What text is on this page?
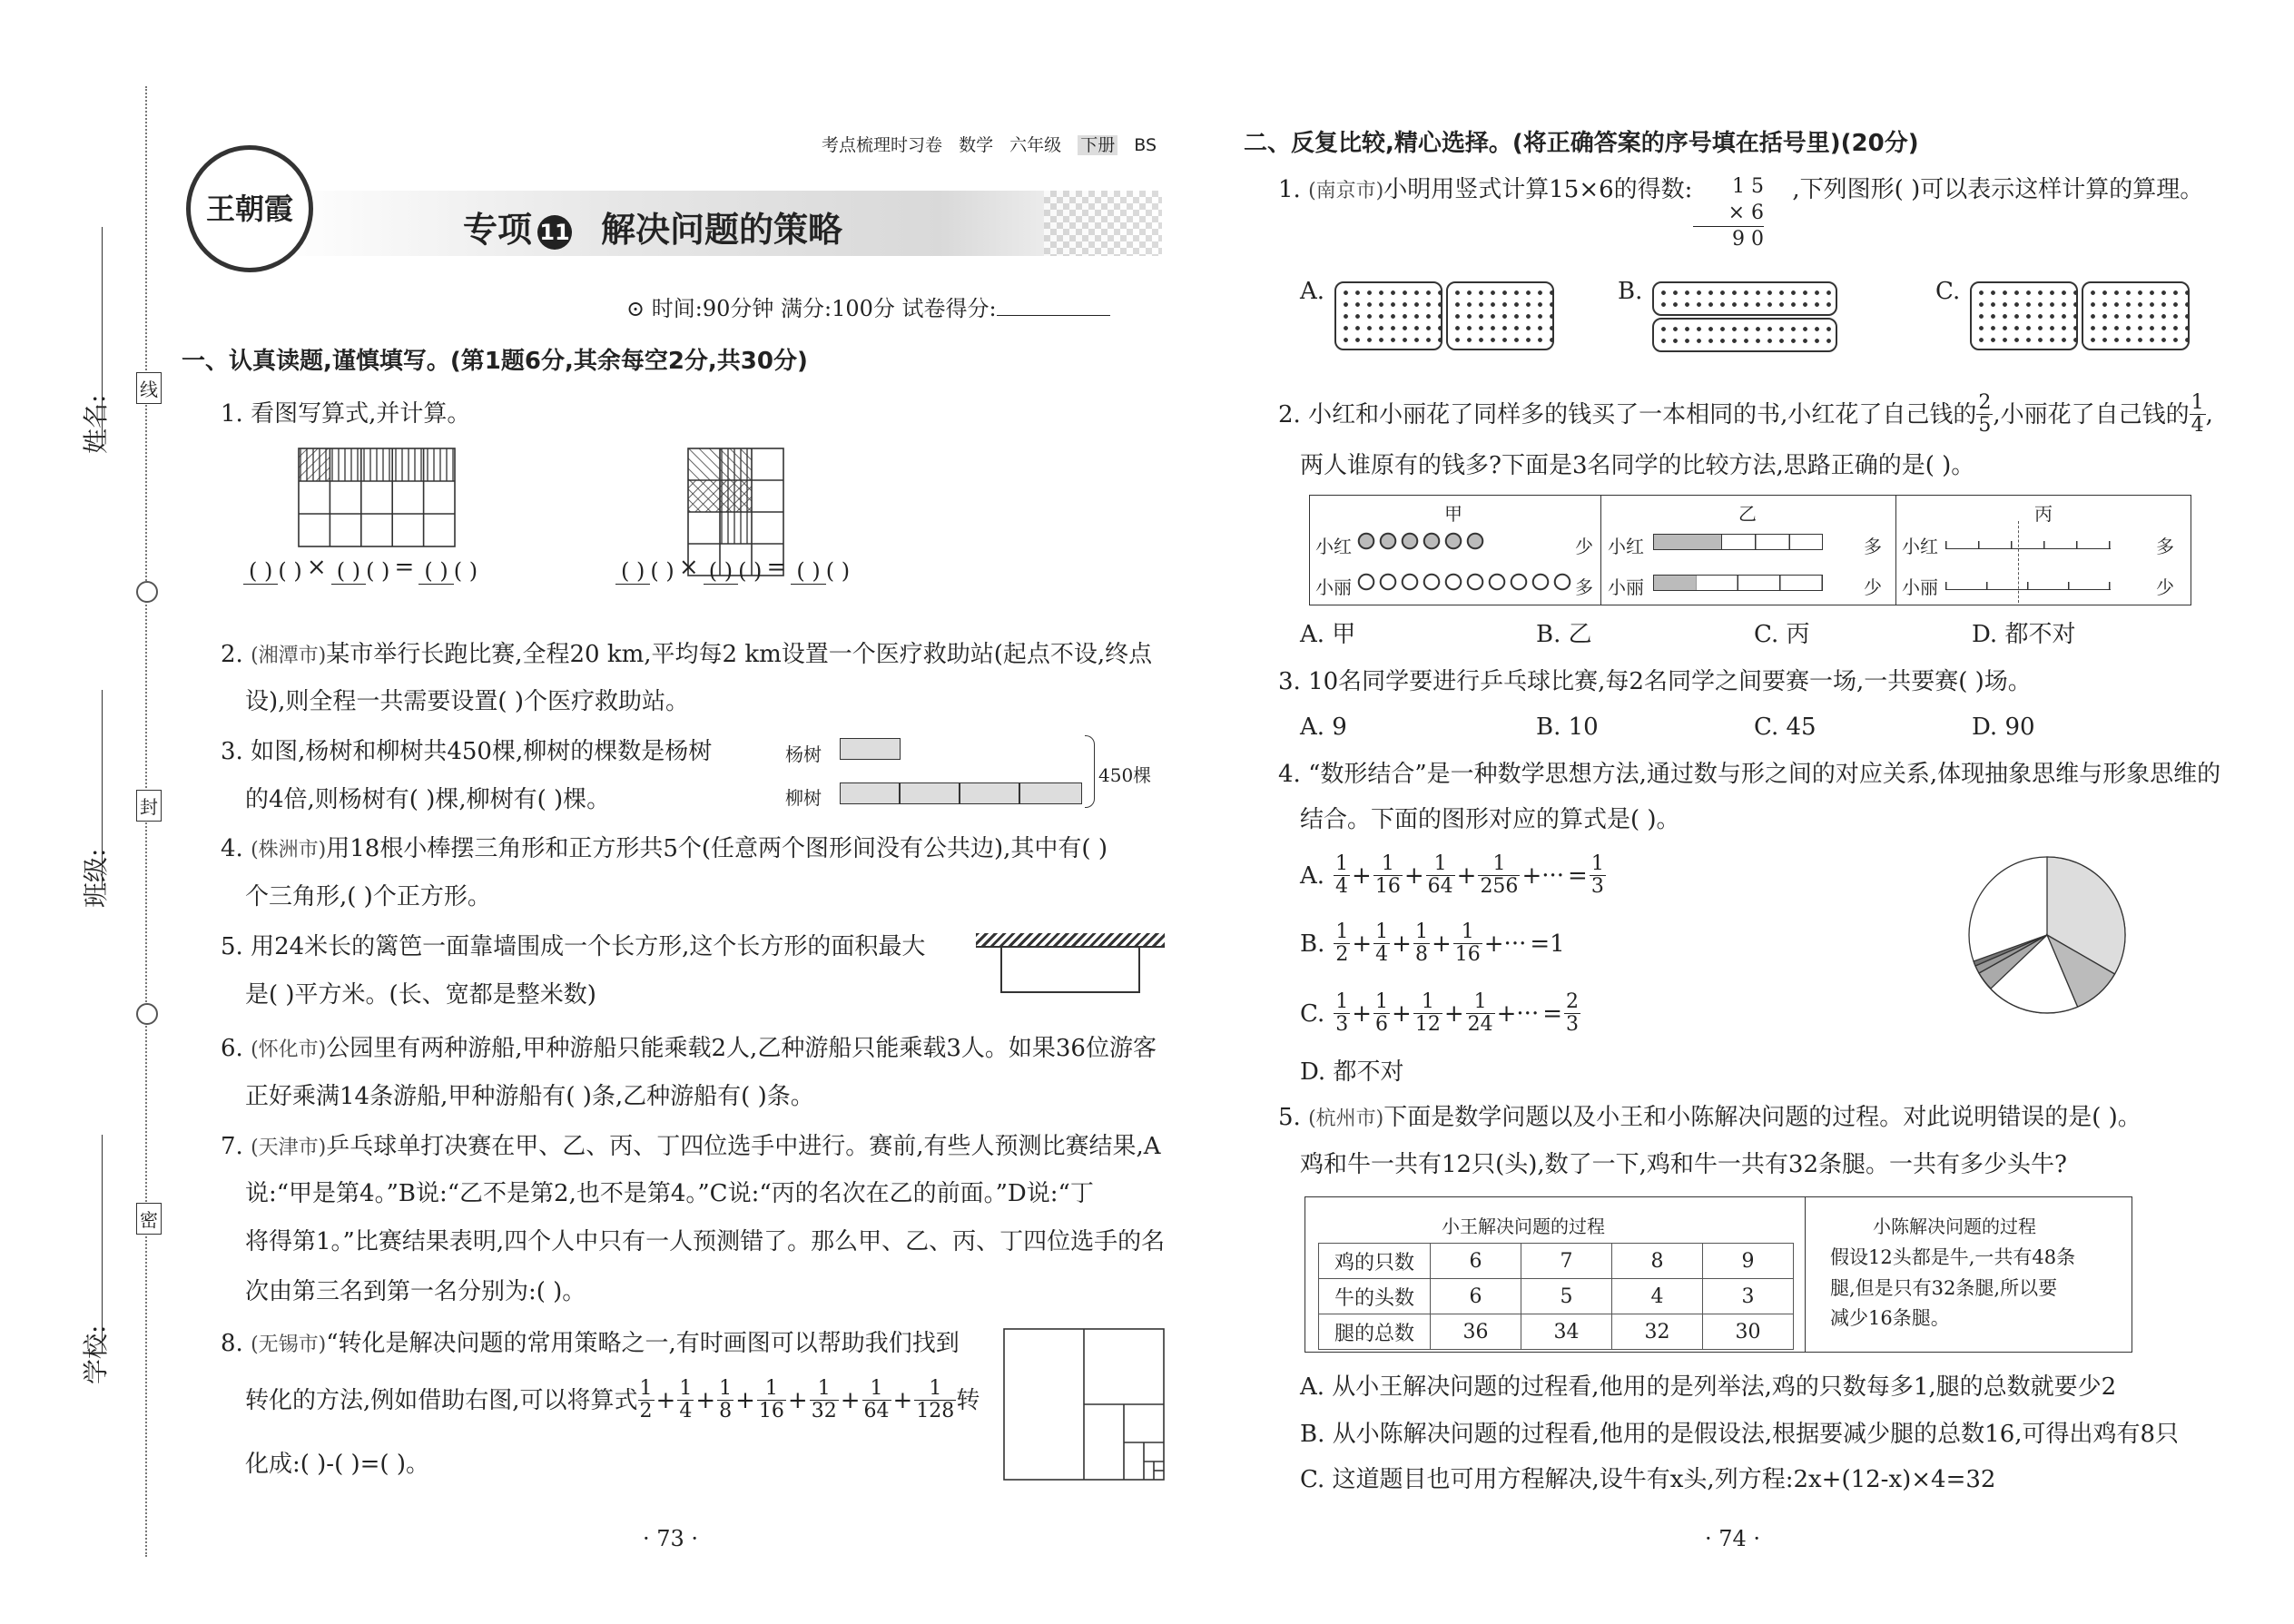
姓名:
班级:
学校:
线
封
密
王朝霞
考点梳理时习卷 数学 六年级 下册 BS
专项 11 解决问题的策略
⊙ 时间:90分钟 满分:100分 试卷得分:
一、认真读题,谨慎填写。(第1题6分,其余每空2分,共30分)
1. 看图写算式,并计算。
( ) ( ) × ( ) ( ) = ( ) ( )	( ) ( ) × ( ) ( ) = ( ) ( )
2. (湘潭市)某市举行长跑比赛,全程20 km,平均每2 km设置一个医疗救助站(起点不设,终点
设),则全程一共需要设置( )个医疗救助站。
3. 如图,杨树和柳树共450棵,柳树的棵数是杨树
的4倍,则杨树有( )棵,柳树有( )棵。
杨树
柳树
450棵
4. (株洲市)用18根小棒摆三角形和正方形共5个(任意两个图形间没有公共边),其中有( )
个三角形,( )个正方形。
5. 用24米长的篱笆一面靠墙围成一个长方形,这个长方形的面积最大
是( )平方米。(长、宽都是整米数)
6. (怀化市)公园里有两种游船,甲种游船只能乘载2人,乙种游船只能乘载3人。如果36位游客
正好乘满14条游船,甲种游船有( )条,乙种游船有( )条。
7. (天津市)乒乓球单打决赛在甲、乙、丙、丁四位选手中进行。赛前,有些人预测比赛结果,A
说:“甲是第4。”B说:“乙不是第2,也不是第4。”C说:“丙的名次在乙的前面。”D说:“丁
将得第1。”比赛结果表明,四个人中只有一人预测错了。那么甲、乙、丙、丁四位选手的名
次由第三名到第一名分别为:( )。
8. (无锡市)“转化是解决问题的常用策略之一,有时画图可以帮助我们找到
转化的方法,例如借助右图,可以将算式 $\frac{1}{2} + \frac{1}{4} + \frac{1}{8} + \frac{1}{16} + \frac{1}{32} + \frac{1}{64} + \frac{1}{128}$ 转
化成:( )-( )=( )。
· 73 ·
二、反复比较,精心选择。(将正确答案的序号填在括号里)(20分)
1. (南京市)小明用竖式计算15×6的得数:	,下列图形( )可以表示这样计算的算理。
1 5
× 6
9 0
A.	B.	C.
2. 小红和小丽花了同样多的钱买了一本相同的书,小红花了自己钱的 $\frac{2}{5}$ ,小丽花了自己钱的 $\frac{1}{4}$ ,
两人谁原有的钱多?下面是3名同学的比较方法,思路正确的是( )。
甲	乙	丙
小红	少
小丽	多
小红	多
小丽	少
小红	多
小丽	少
A. 甲	B. 乙	C. 丙	D. 都不对
3. 10名同学要进行乒乓球比赛,每2名同学之间要赛一场,一共要赛( )场。
A. 9	B. 10	C. 45	D. 90
4. “数形结合”是一种数学思想方法,通过数与形之间的对应关系,体现抽象思维与形象思维的
结合。下面的图形对应的算式是( )。
A. $\frac{1}{4} + \frac{1}{16} + \frac{1}{64} + \frac{1}{256}$ +··· = $\frac{1}{3}$
B. $\frac{1}{2} + \frac{1}{4} + \frac{1}{8} + \frac{1}{16}$ +··· =1
C. $\frac{1}{3} + \frac{1}{6} + \frac{1}{12} + \frac{1}{24}$ +··· = $\frac{2}{3}$
D. 都不对
5. (杭州市)下面是数学问题以及小王和小陈解决问题的过程。对此说明错误的是( )。
鸡和牛一共有12只(头),数了一下,鸡和牛一共有32条腿。一共有多少头牛?
小王解决问题的过程	小陈解决问题的过程
鸡的只数	6	7	8	9
牛的头数	6	5	4	3
腿的总数	36	34	32	30
假设12头都是牛,一共有48条
腿,但是只有32条腿,所以要
减少16条腿。
A. 从小王解决问题的过程看,他用的是列举法,鸡的只数每多1,腿的总数就要少2
B. 从小陈解决问题的过程看,他用的是假设法,根据要减少腿的总数16,可得出鸡有8只
C. 这道题目也可用方程解决,设牛有x头,列方程:2x+(12-x)×4=32
· 74 ·
